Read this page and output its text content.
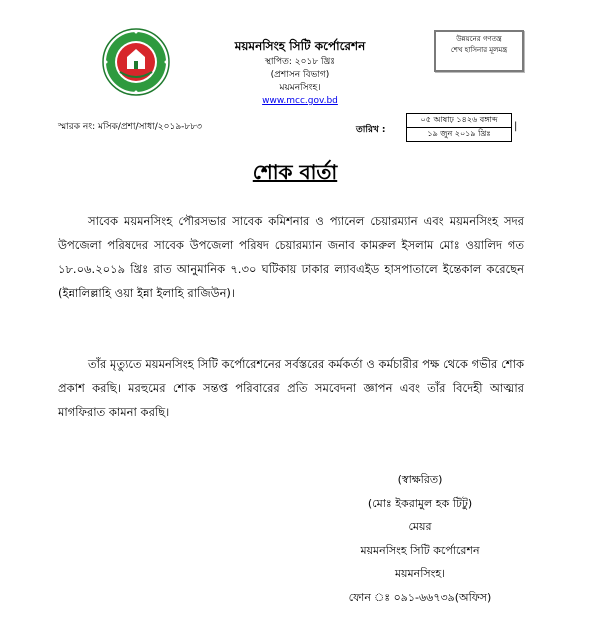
ময়মনসিংহ সিটি কর্পোরেশন
স্থাপিত: ২০১৮ খ্রিঃ
(প্রশাসন বিভাগ)
ময়মনসিংহ।
www.mcc.gov.bd
উন্নয়নের গণতন্ত্র
শেখ হাসিনার মূলমন্ত্র
স্মারক নং: মসিক/প্রশা/সাধা/২০১৯-৮৮৩	তারিখ :
০৫ আষাঢ় ১৪২৬ বঙ্গাব্দ
১৯ জুন ২০১৯ খ্রিঃ
|
শোক বার্তা
সাবেক ময়মনসিংহ পৌরসভার সাবেক কমিশনার ও প্যানেল চেয়ারম্যান এবং ময়মনসিংহ সদর উপজেলা পরিষদের সাবেক উপজেলা পরিষদ চেয়ারম্যান জনাব কামরুল ইসলাম মোঃ ওয়ালিদ গত ১৮.০৬.২০১৯ খ্রিঃ রাত আনুমানিক ৭.৩০ ঘটিকায় ঢাকার ল্যাবএইড হাসপাতালে ইন্তেকাল করেছেন (ইন্নালিল্লাহি ওয়া ইন্না ইলাহি রাজিউন)।
তাঁর মৃত্যুতে ময়মনসিংহ সিটি কর্পোরেশনের সর্বস্তরের কর্মকর্তা ও কর্মচারীর পক্ষ থেকে গভীর শোক প্রকাশ করছি। মরহুমের শোক সন্তপ্ত পরিবারের প্রতি সমবেদনা জ্ঞাপন এবং তাঁর বিদেহী আত্মার মাগফিরাত কামনা করছি।
(স্বাক্ষরিত)
(মোঃ ইকরামুল হক টিটু)
মেয়র
ময়মনসিংহ সিটি কর্পোরেশন
ময়মনসিংহ।
ফোন ঃ ০৯১-৬৬৭৩৯(অফিস)
